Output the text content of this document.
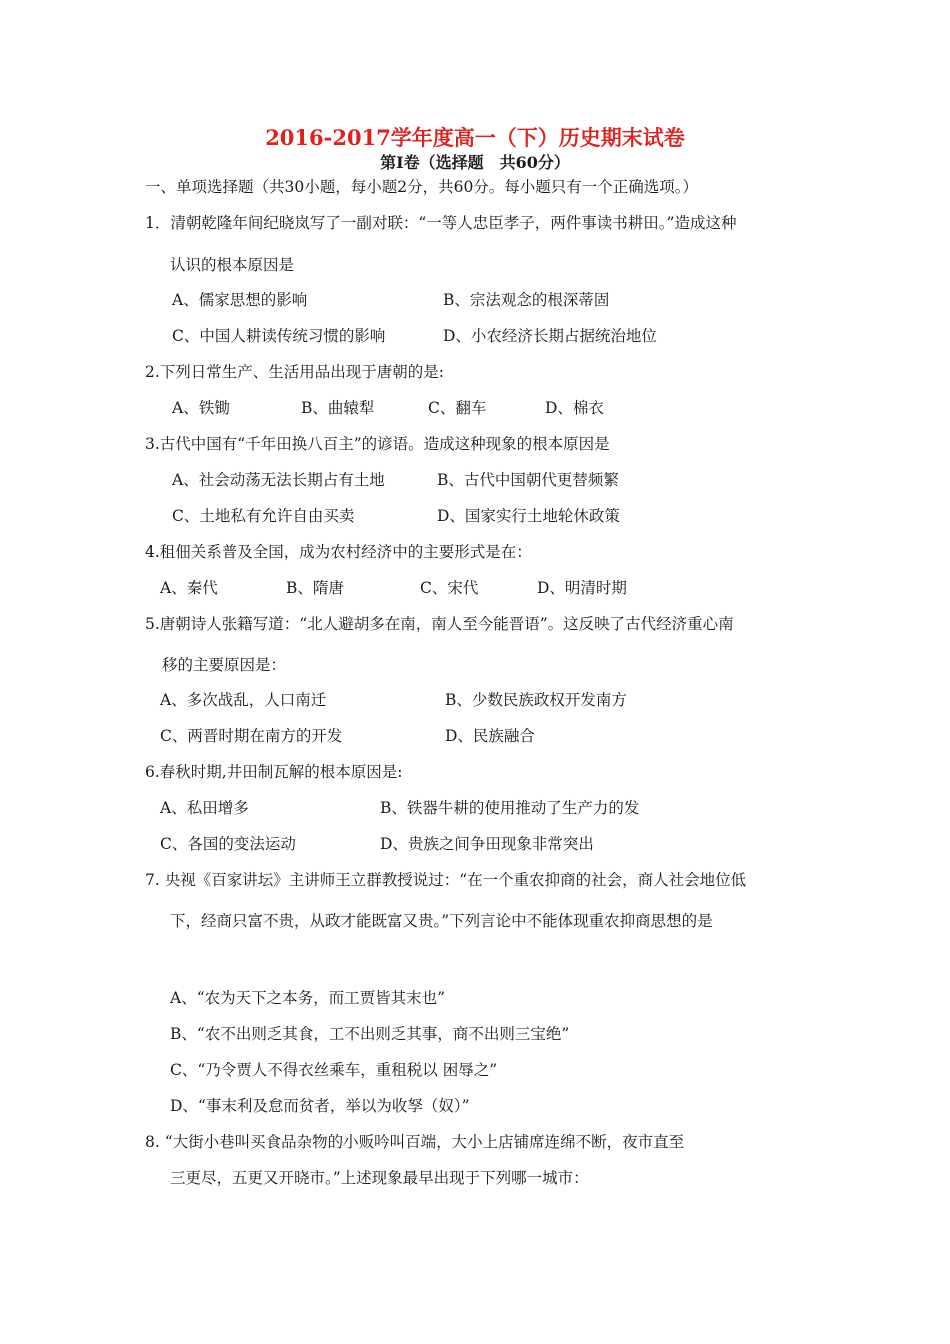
2016-2017学年度高一（下）历史期末试卷
第Ⅰ卷（选择题　共60分）
一、单项选择题（共30小题，每小题2分，共60分。每小题只有一个正确选项。）
1．清朝乾隆年间纪晓岚写了一副对联：“一等人忠臣孝子，两件事读书耕田。”造成这种
认识的根本原因是
A、儒家思想的影响	B、宗法观念的根深蒂固
C、中国人耕读传统习惯的影响	D、小农经济长期占据统治地位
2.下列日常生产、生活用品出现于唐朝的是:
A、铁锄	B、曲辕犁	C、翻车	D、棉衣
3.古代中国有“千年田换八百主”的谚语。造成这种现象的根本原因是
A、社会动荡无法长期占有土地	B、古代中国朝代更替频繁
C、土地私有允许自由买卖	D、国家实行土地轮休政策
4.租佃关系普及全国，成为农村经济中的主要形式是在：
A、秦代	B、隋唐	C、宋代	D、明清时期
5.唐朝诗人张籍写道：“北人避胡多在南，南人至今能晋语”。这反映了古代经济重心南
移的主要原因是：
A、多次战乱，人口南迁	B、少数民族政权开发南方
C、两晋时期在南方的开发	D、民族融合
6.春秋时期,井田制瓦解的根本原因是:
A、私田增多	B、铁器牛耕的使用推动了生产力的发
C、各国的变法运动	D、贵族之间争田现象非常突出
7. 央视《百家讲坛》主讲师王立群教授说过：“在一个重农抑商的社会，商人社会地位低
下，经商只富不贵，从政才能既富又贵。”下列言论中不能体现重农抑商思想的是
A、“农为天下之本务，而工贾皆其末也”
B、“农不出则乏其食，工不出则乏其事，商不出则三宝绝”
C、“乃令贾人不得衣丝乘车，重租税以 困辱之”
D、“事末利及怠而贫者，举以为收孥（奴）”
8. “大街小巷叫买食品杂物的小贩吟叫百端，大小上店铺席连绵不断，夜市直至
三更尽，五更又开晓市。”上述现象最早出现于下列哪一城市：
